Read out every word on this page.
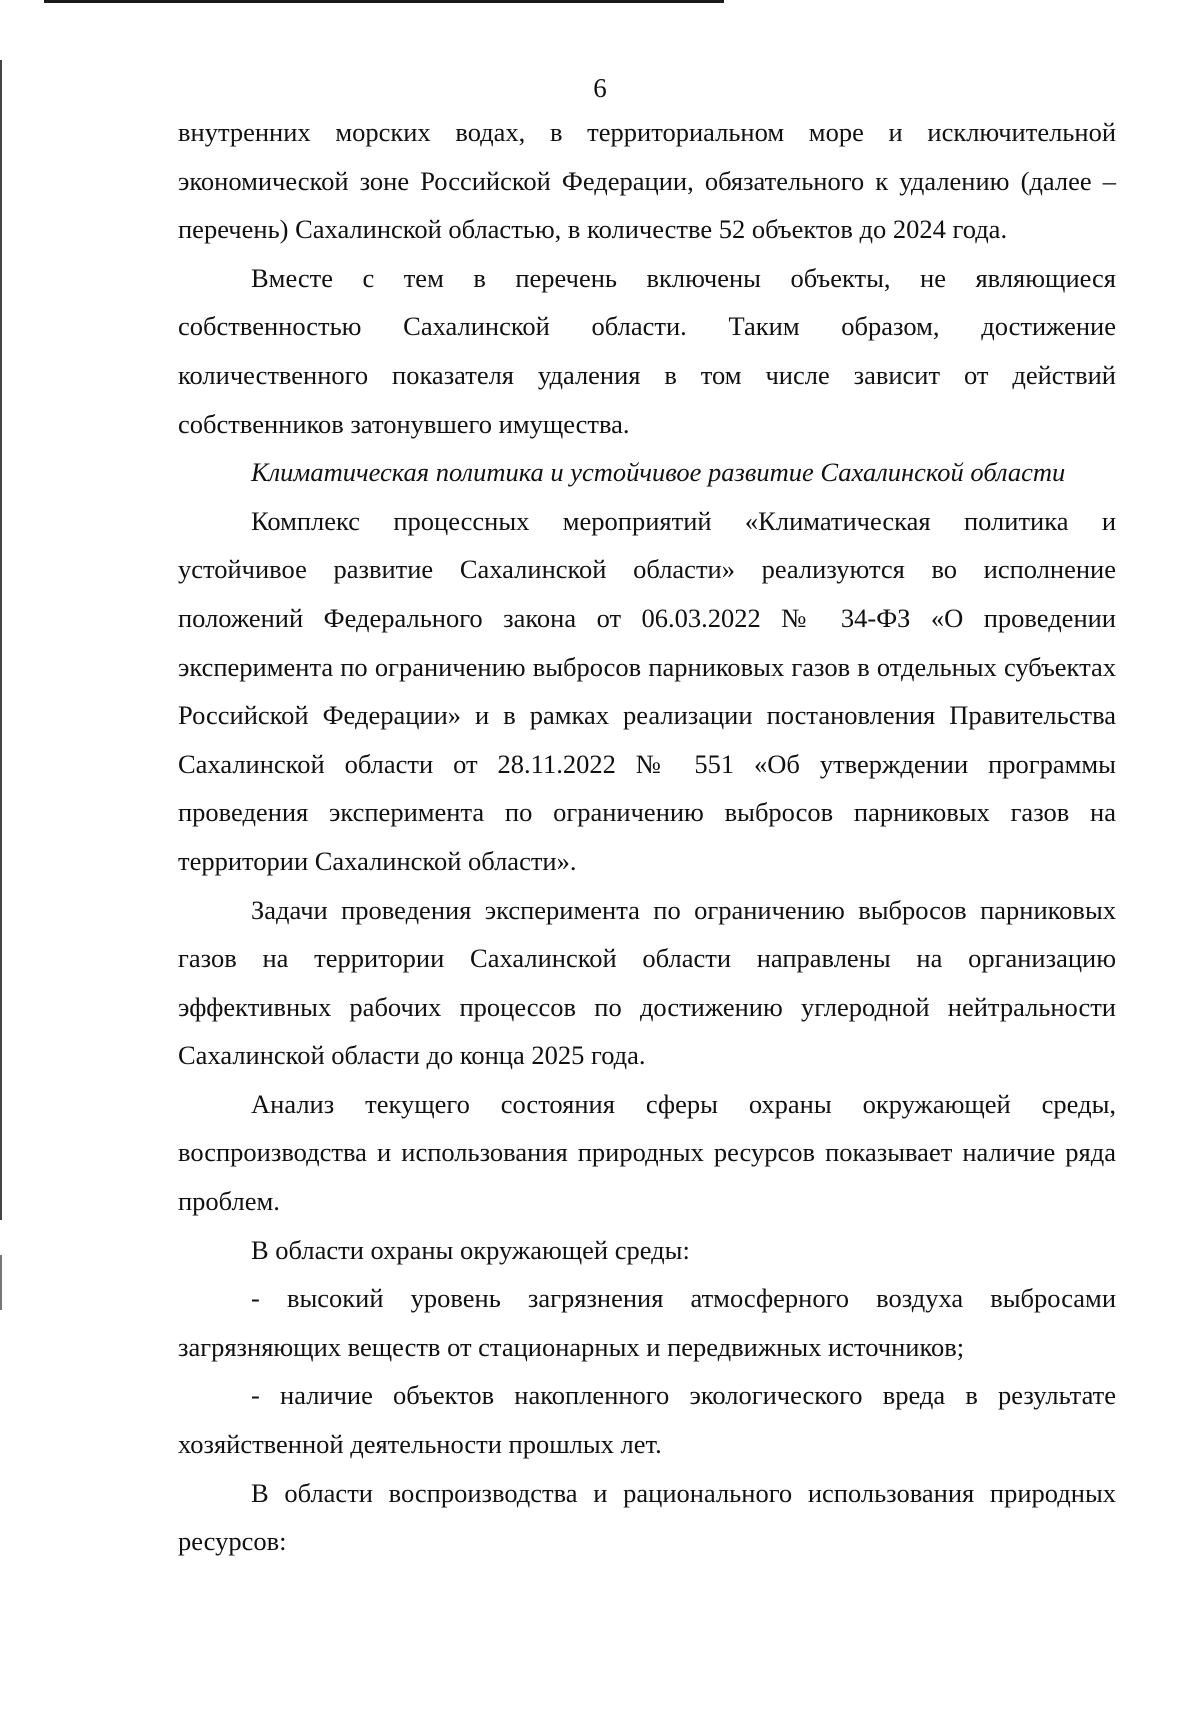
6

внутренних морских водах, в территориальном море и исключительной экономической зоне Российской Федерации, обязательного к удалению (далее – перечень) Сахалинской областью, в количестве 52 объектов до 2024 года.

Вместе с тем в перечень включены объекты, не являющиеся собственностью Сахалинской области. Таким образом, достижение количественного показателя удаления в том числе зависит от действий собственников затонувшего имущества.

Климатическая политика и устойчивое развитие Сахалинской области

Комплекс процессных мероприятий «Климатическая политика и устойчивое развитие Сахалинской области» реализуются во исполнение положений Федерального закона от 06.03.2022 № 34-ФЗ «О проведении эксперимента по ограничению выбросов парниковых газов в отдельных субъектах Российской Федерации» и в рамках реализации постановления Правительства Сахалинской области от 28.11.2022 № 551 «Об утверждении программы проведения эксперимента по ограничению выбросов парниковых газов на территории Сахалинской области».

Задачи проведения эксперимента по ограничению выбросов парниковых газов на территории Сахалинской области направлены на организацию эффективных рабочих процессов по достижению углеродной нейтральности Сахалинской области до конца 2025 года.

Анализ текущего состояния сферы охраны окружающей среды, воспроизводства и использования природных ресурсов показывает наличие ряда проблем.

В области охраны окружающей среды:

- высокий уровень загрязнения атмосферного воздуха выбросами загрязняющих веществ от стационарных и передвижных источников;

- наличие объектов накопленного экологического вреда в результате хозяйственной деятельности прошлых лет.

В области воспроизводства и рационального использования природных ресурсов:
